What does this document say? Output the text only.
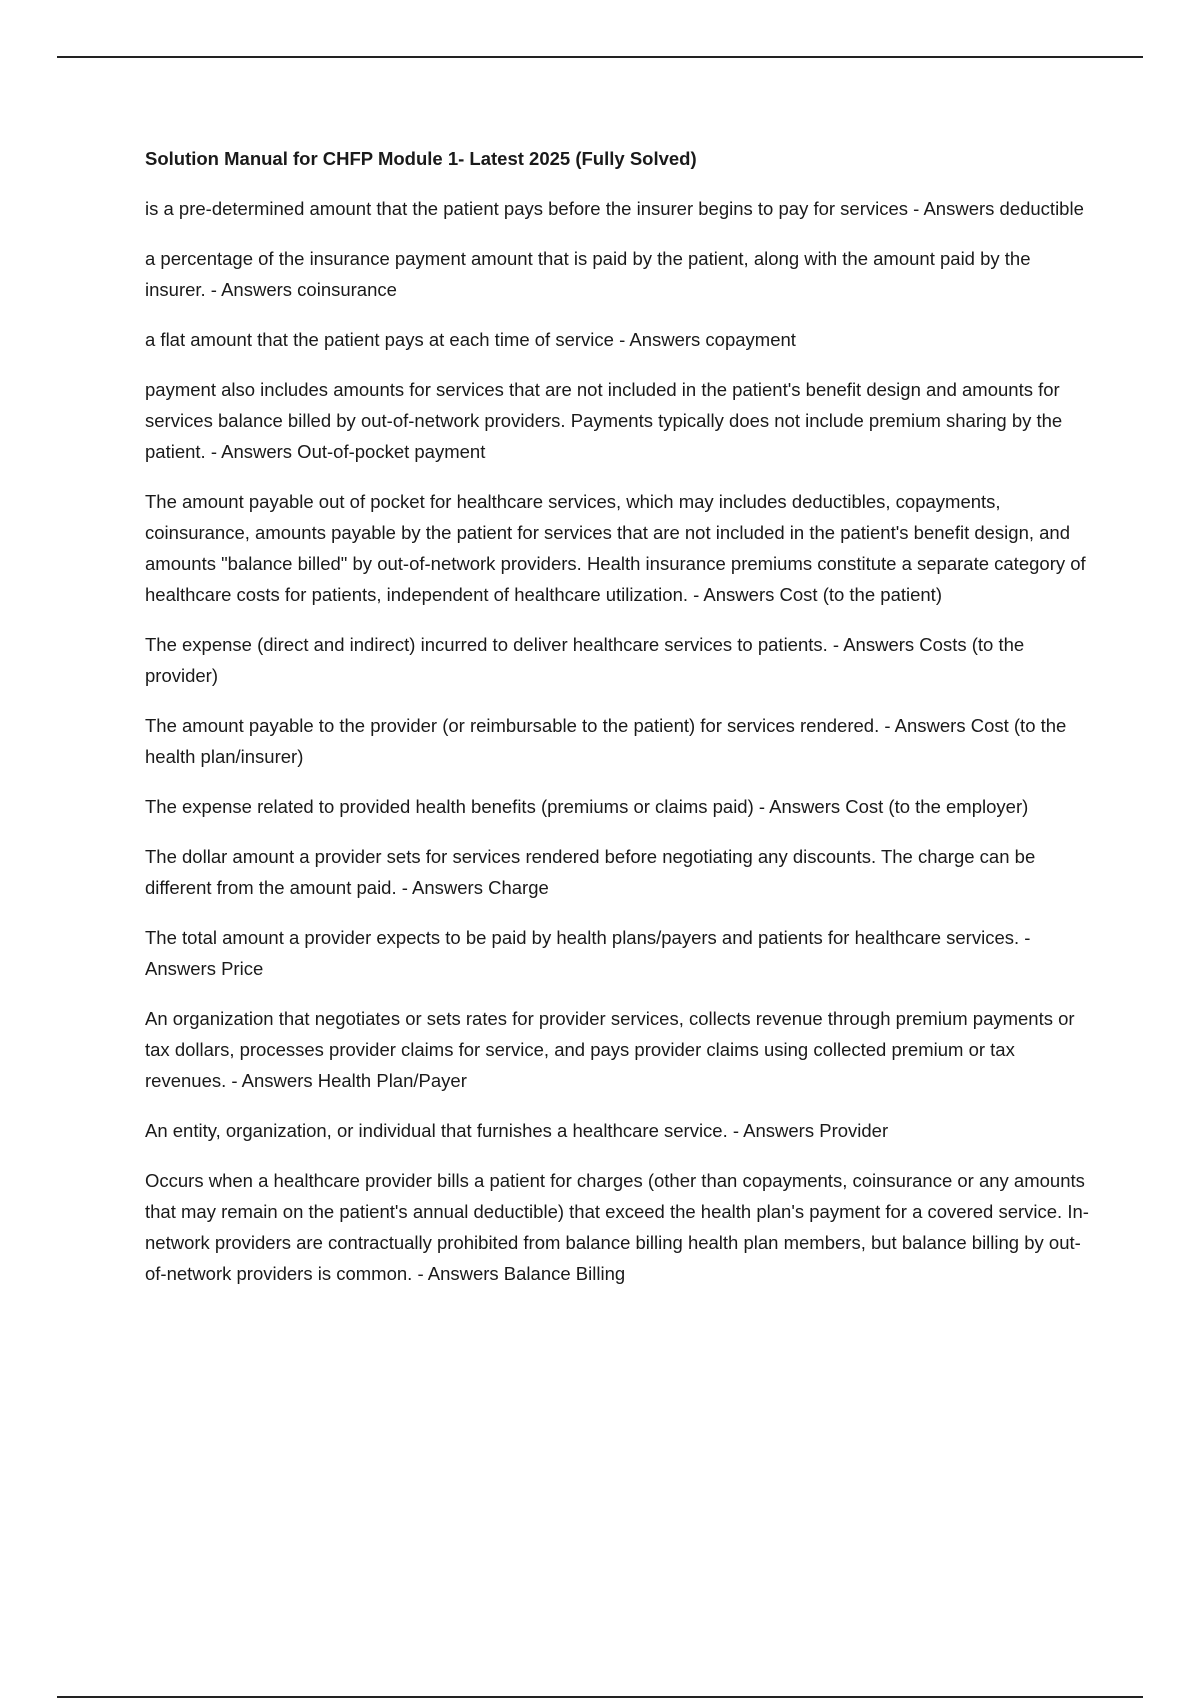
Solution Manual for CHFP Module 1- Latest 2025 (Fully Solved)

is a pre-determined amount that the patient pays before the insurer begins to pay for services - Answers deductible

a percentage of the insurance payment amount that is paid by the patient, along with the amount paid by the insurer. - Answers coinsurance

a flat amount that the patient pays at each time of service - Answers copayment

payment also includes amounts for services that are not included in the patient's benefit design and amounts for services balance billed by out-of-network providers. Payments typically does not include premium sharing by the patient. - Answers Out-of-pocket payment

The amount payable out of pocket for healthcare services, which may includes deductibles, copayments, coinsurance, amounts payable by the patient for services that are not included in the patient's benefit design, and amounts "balance billed" by out-of-network providers. Health insurance premiums constitute a separate category of healthcare costs for patients, independent of healthcare utilization. - Answers Cost (to the patient)

The expense (direct and indirect) incurred to deliver healthcare services to patients. - Answers Costs (to the provider)

The amount payable to the provider (or reimbursable to the patient) for services rendered. - Answers Cost (to the health plan/insurer)

The expense related to provided health benefits (premiums or claims paid) - Answers Cost (to the employer)

The dollar amount a provider sets for services rendered before negotiating any discounts. The charge can be different from the amount paid. - Answers Charge

The total amount a provider expects to be paid by health plans/payers and patients for healthcare services. - Answers Price

An organization that negotiates or sets rates for provider services, collects revenue through premium payments or tax dollars, processes provider claims for service, and pays provider claims using collected premium or tax revenues. - Answers Health Plan/Payer

An entity, organization, or individual that furnishes a healthcare service. - Answers Provider

Occurs when a healthcare provider bills a patient for charges (other than copayments, coinsurance or any amounts that may remain on the patient's annual deductible) that exceed the health plan's payment for a covered service. In-network providers are contractually prohibited from balance billing health plan members, but balance billing by out-of-network providers is common. - Answers Balance Billing
